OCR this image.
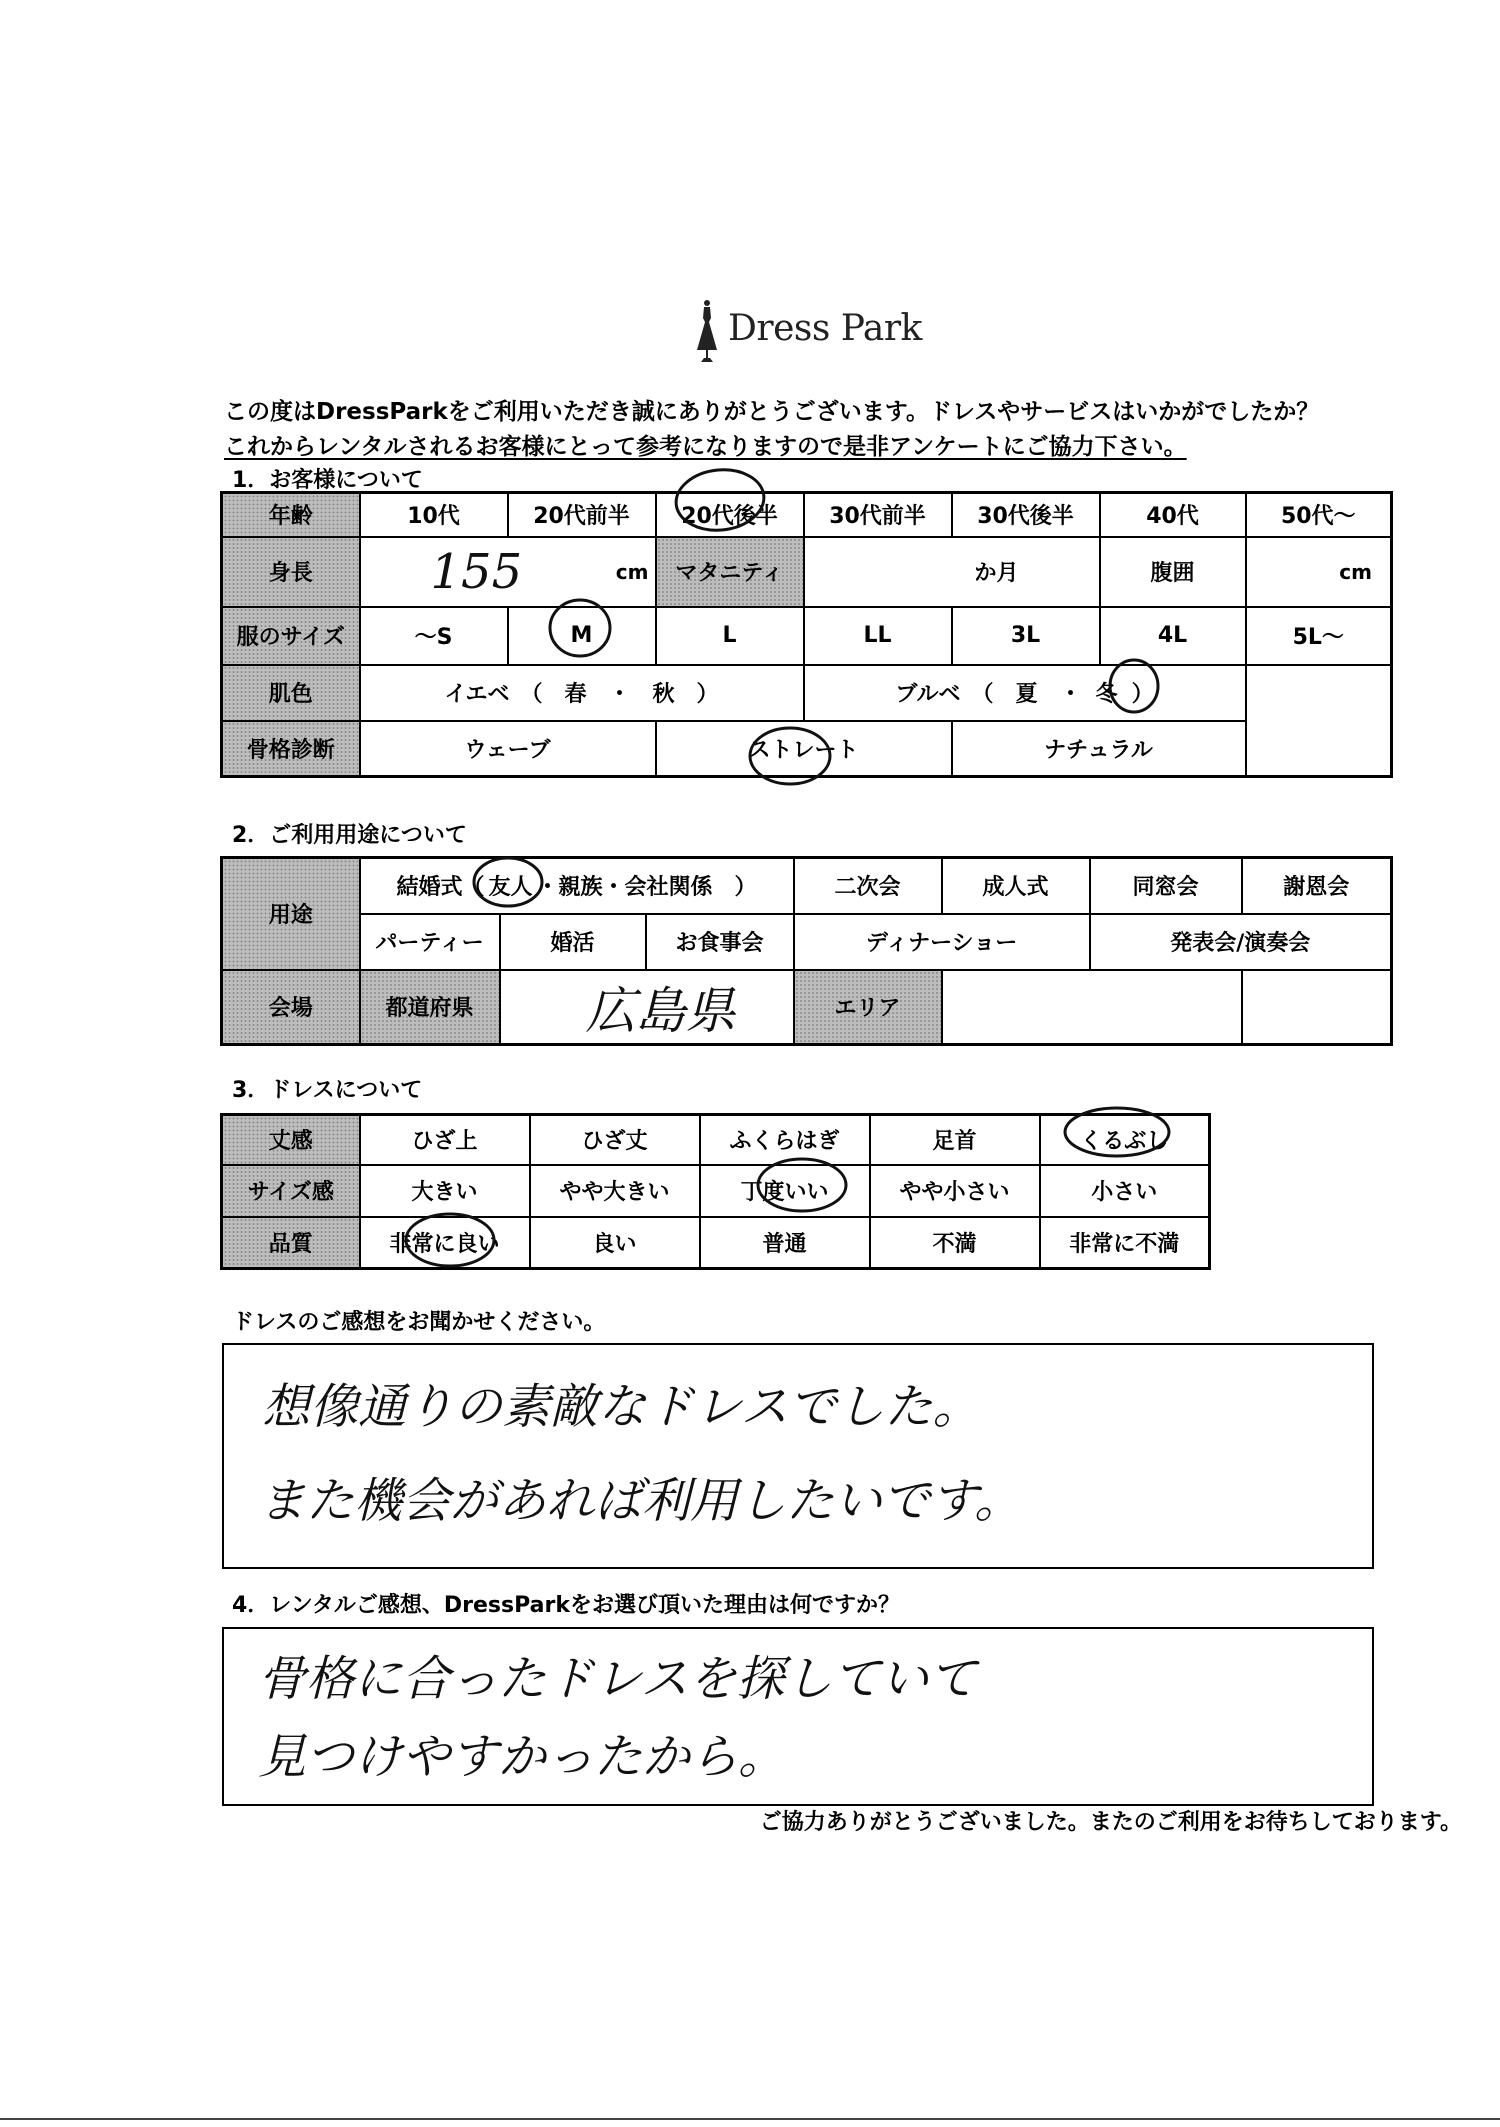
Dress Park
この度はDressParkをご利用いただき誠にありがとうございます。ドレスやサービスはいかがでしたか？
これからレンタルされるお客様にとって参考になりますので是非アンケートにご協力下さい。
1．お客様について
年齢	10代	20代前半	20代後半	30代前半	30代後半	40代	50代～
身長	155 cm		マタニティ	か月		腹囲	cm
服のサイズ	～S	M	L	LL	3L	4L	5L～
肌色	イエベ　（　春　・　秋　）			ブルベ　（　夏　・ 冬 ）			
骨格診断	ウェーブ		ストレート		ナチュラル		
2．ご利用用途について
用途	結婚式（ 友人 ・親族・会社関係　）			二次会	成人式	同窓会	謝恩会
	パーティー	婚活	お食事会	ディナーショー		発表会/演奏会	
会場	都道府県	広島県		エリア			
3．ドレスについて
丈感	ひざ上	ひざ丈	ふくらはぎ	足首	くるぶし
サイズ感	大きい	やや大きい	丁度いい	やや小さい	小さい
品質	非常に良い	良い	普通	不満	非常に不満
ドレスのご感想をお聞かせください。
想像通りの素敵なドレスでした。
また機会があれば利用したいです。
4．レンタルご感想、DressParkをお選び頂いた理由は何ですか？
骨格に合ったドレスを探していて
見つけやすかったから。
ご協力ありがとうございました。またのご利用をお待ちしております。
